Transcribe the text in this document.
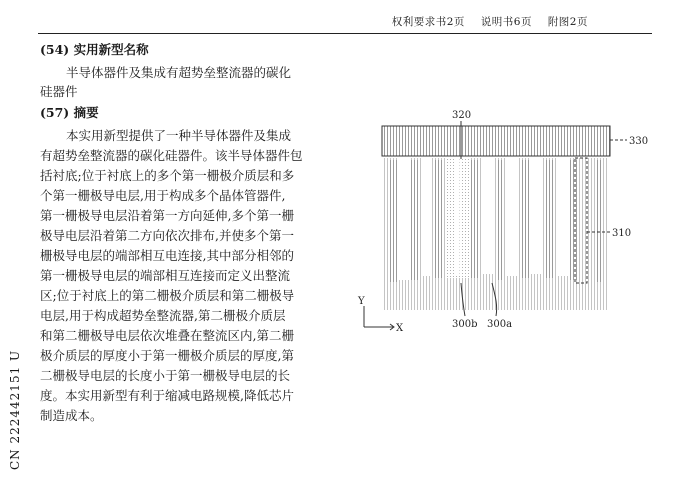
权利要求书2页 说明书6页 附图2页
(54) 实用新型名称
半导体器件及集成有超势垒整流器的碳化
硅器件
(57) 摘要
本实用新型提供了一种半导体器件及集成
有超势垒整流器的碳化硅器件。该半导体器件包
括衬底;位于衬底上的多个第一栅极介质层和多
个第一栅极导电层,用于构成多个晶体管器件,
第一栅极导电层沿着第一方向延伸,多个第一栅
极导电层沿着第二方向依次排布,并使多个第一
栅极导电层的端部相互电连接,其中部分相邻的
第一栅极导电层的端部相互连接而定义出整流
区;位于衬底上的第二栅极介质层和第二栅极导
电层,用于构成超势垒整流器,第二栅极介质层
和第二栅极导电层依次堆叠在整流区内,第二栅
极介质层的厚度小于第一栅极介质层的厚度,第
二栅极导电层的长度小于第一栅极导电层的长
度。本实用新型有利于缩减电路规模,降低芯片
制造成本。
CN 222442151 U
320
330
310
300b 300a
Y
X
